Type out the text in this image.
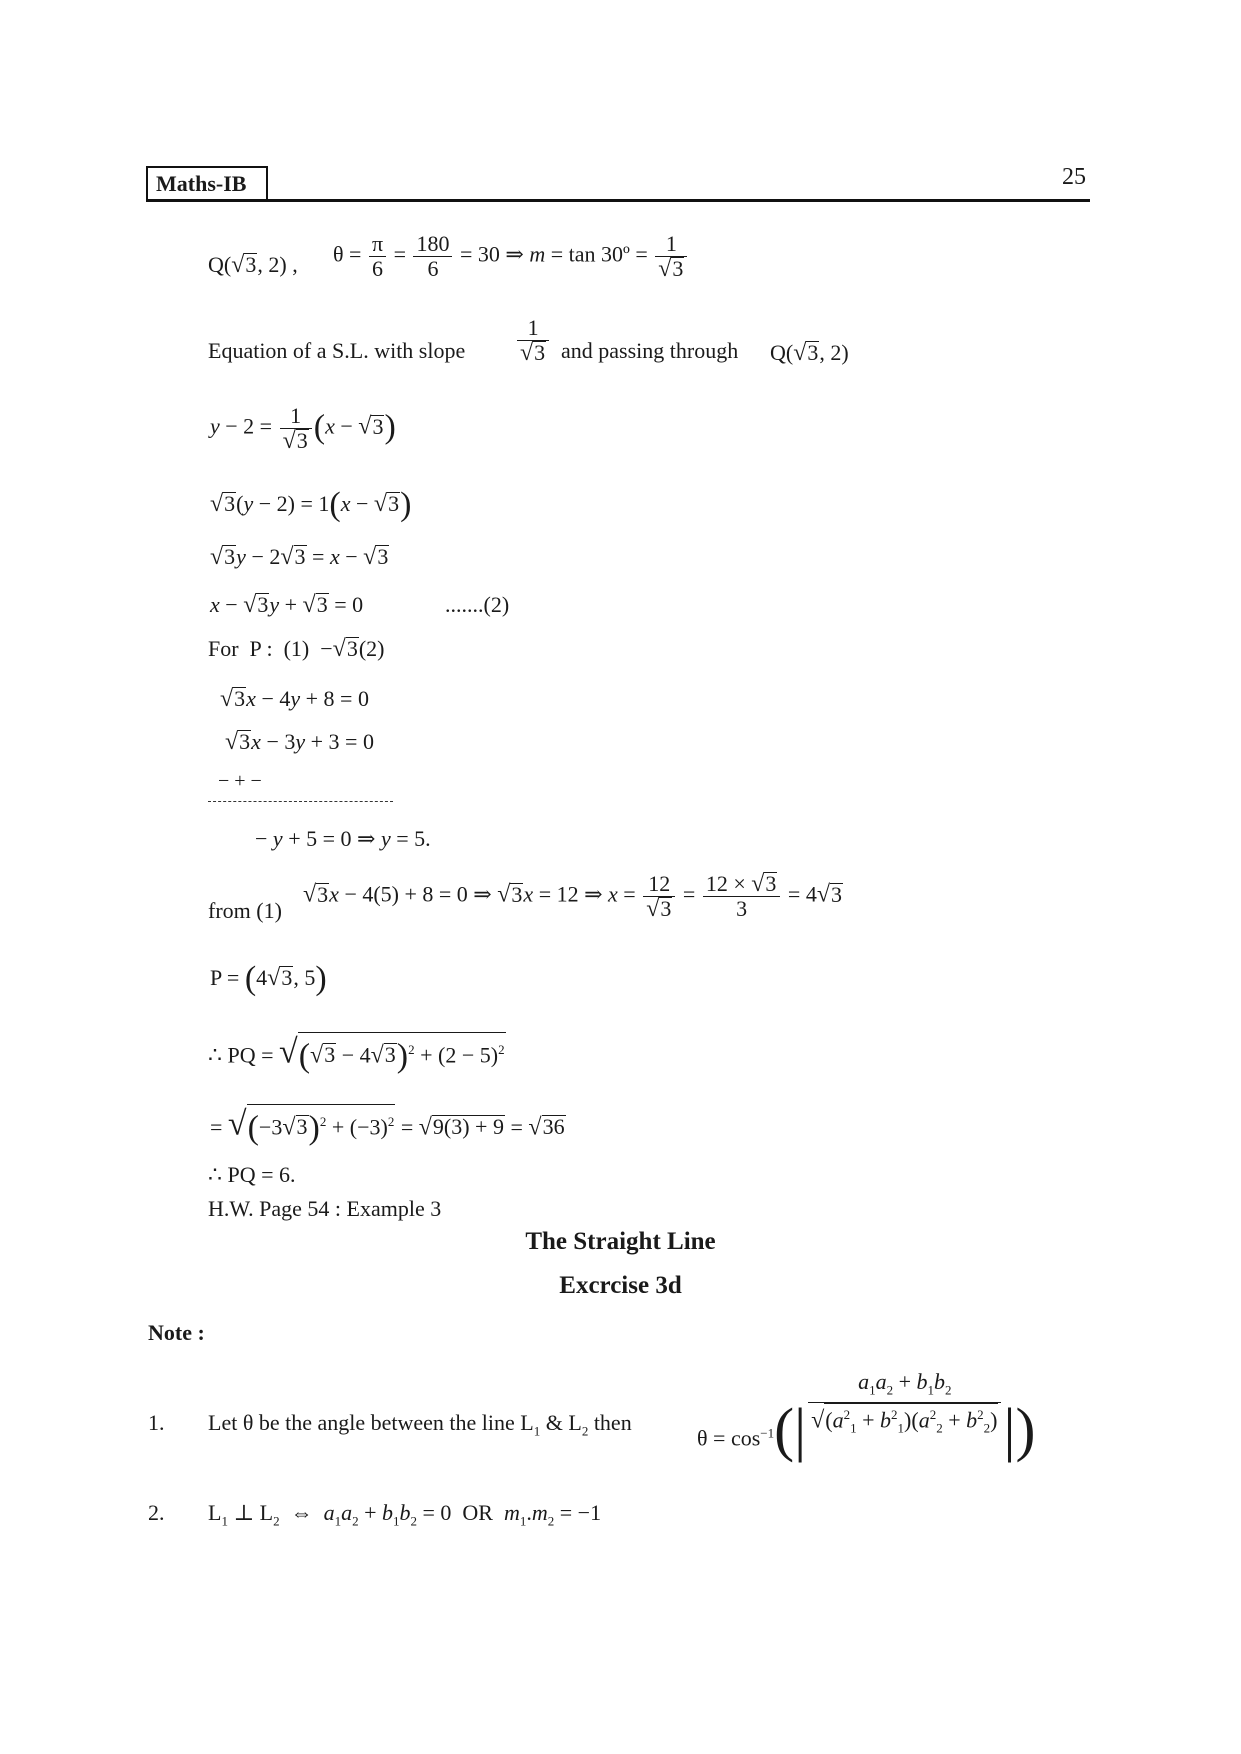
Maths-IB	25
Q(√3, 2) , $\theta = \frac{\pi}{6} = \frac{180}{6} = 30$ ⇒ m = tan 30º = $\frac{1}{√3}$
Equation of a S.L. with slope $\frac{1}{√3}$ and passing through Q(√3, 2)
$y - 2 = \frac{1}{√3} (x - √3)$
√3(y − 2) = 1(x − √3)
√3y − 2√3 = x − √3
x − √3y + √3 = 0	.......(2)
For  P :  (1)  −√3(2)
√3x − 4y + 8 = 0
√3x − 3y + 3 = 0
− + −
− y + 5 = 0 ⇒ y = 5.
from (1)
√3x − 4(5) + 8 = 0 ⇒ √3x = 12 ⇒ $x = \frac{12}{√3} = \frac{12 \times √3}{3} = 4√3$
P = (4√3, 5)
∴ PQ = $√(√3 - 4√3)^2 + (2 - 5)^2$
= $√(-3√3)^2 + (-3)^2 = √9(3) + 9 = √36$
∴ PQ = 6.
H.W. Page 54 : Example 3
The Straight Line
Excrcise 3d
Note :
1. Let θ be the angle between the line $L_1$ & $L_2$ then
$\theta = \cos^{-1}(| \frac{a_1a_2 + b_1b_2}{√(a^2_1 + b^2_1)(a^2_2 + b^2_2)}$ |)
2. $L_1$ ⊥ $L_2$  ⇔  $a_1a_2 + b_1b_2 = 0$  OR  $m_1.m_2 = -1$
